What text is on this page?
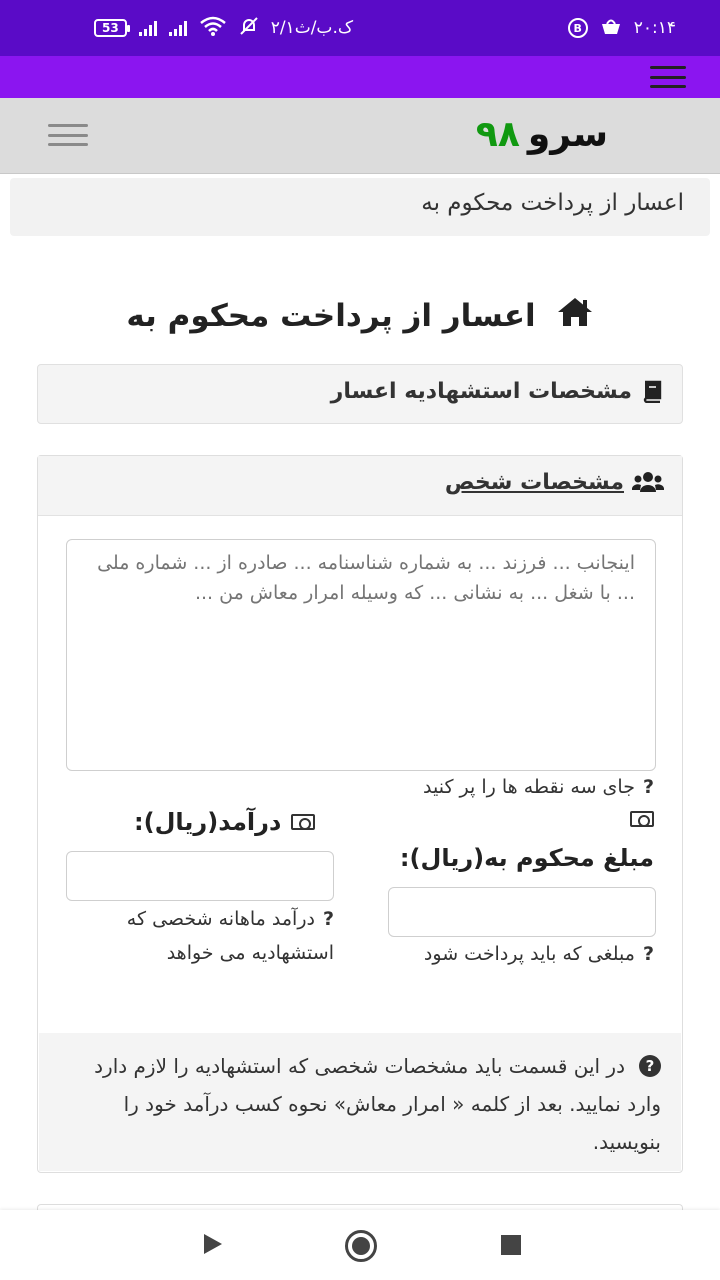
53	۲/۱ک.ب/ث	B	۲۰:۱۴
سرو
۹۸
اعسار از پرداخت محکوم به
اعسار از پرداخت محکوم به
مشخصات استشهادیه اعسار
مشخصات شخص
اینجانب ... فرزند ... به شماره شناسنامه ... صادره از ... شماره ملی ... با شغل ... به نشانی ... که وسیله امرار معاش من ...
?جای سه نقطه ها را پر کنید
مبلغ محکوم به(ریال):
?مبلغی که باید پرداخت شود
درآمد(ریال):
?درآمد ماهانه شخصی که استشهادیه می خواهد
?در این قسمت باید مشخصات شخصی که استشهادیه را لازم دارد وارد نمایید. بعد از کلمه « امرار معاش» نحوه کسب درآمد خود را بنویسید.
